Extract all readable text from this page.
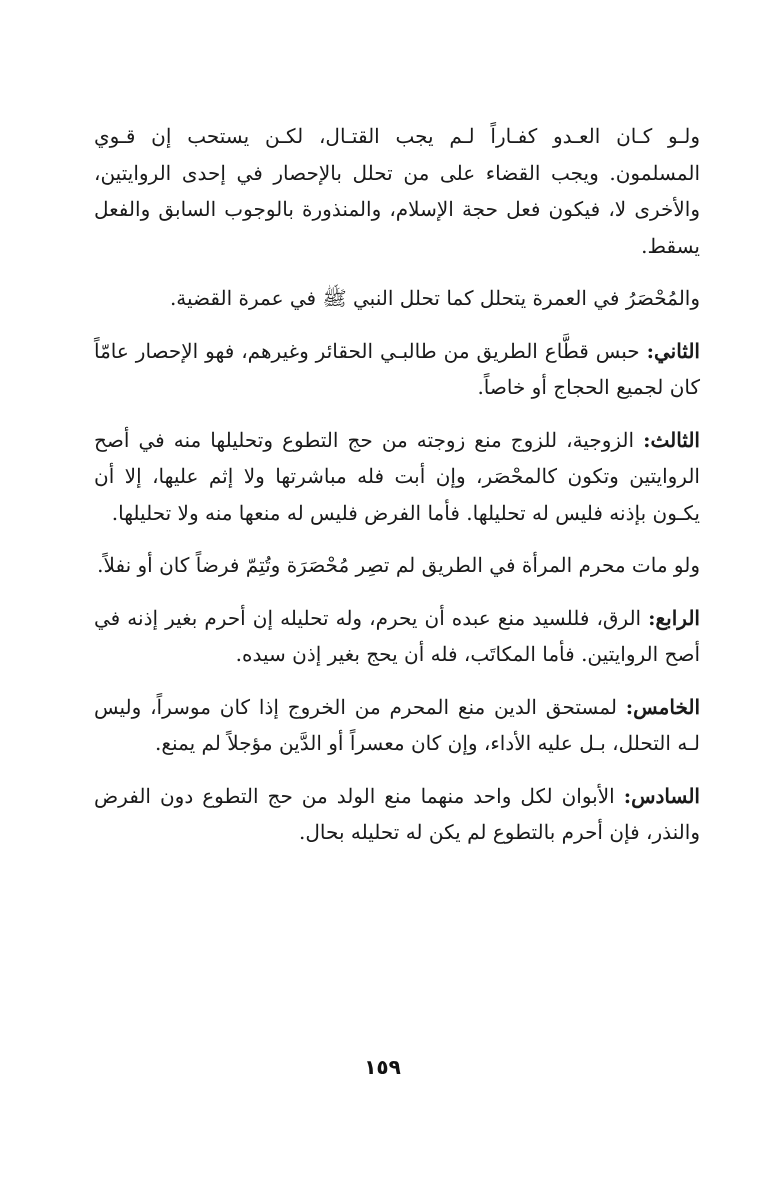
ولـو كـان العـدو كفـاراً لـم يجب القتـال، لكـن يستحب إن قـوي المسلمون. ويجب القضاء على من تحلل بالإحصار في إحدى الروايتين، والأخرى لا، فيكون فعل حجة الإسلام، والمنذورة بالوجوب السابق والفعل يسقط.

والمُحْصَرُ في العمرة يتحلل كما تحلل النبي ﷺ في عمرة القضية.

الثاني: حبس قطَّاع الطريق من طالبـي الحقائر وغيرهم، فهو الإحصار عامّاً كان لجميع الحجاج أو خاصاً.

الثالث: الزوجية، للزوج منع زوجته من حج التطوع وتحليلها منه في أصح الروايتين وتكون كالمحْصَر، وإن أبت فله مباشرتها ولا إثم عليها، إلا أن يكـون بإذنه فليس له تحليلها. فأما الفرض فليس له منعها منه ولا تحليلها.

ولو مات محرم المرأة في الطريق لم تصِر مُحْصَرَة وتُتِمّ فرضاً كان أو نفلاً.

الرابع: الرق، فللسيد منع عبده أن يحرم، وله تحليله إن أحرم بغير إذنه في أصح الروايتين. فأما المكاتَب، فله أن يحج بغير إذن سيده.

الخامس: لمستحق الدين منع المحرم من الخروج إذا كان موسراً، وليس لـه التحلل، بـل عليه الأداء، وإن كان معسراً أو الدَّين مؤجلاً لم يمنع.

السادس: الأبوان لكل واحد منهما منع الولد من حج التطوع دون الفرض والنذر، فإن أحرم بالتطوع لم يكن له تحليله بحال.

١٥٩
